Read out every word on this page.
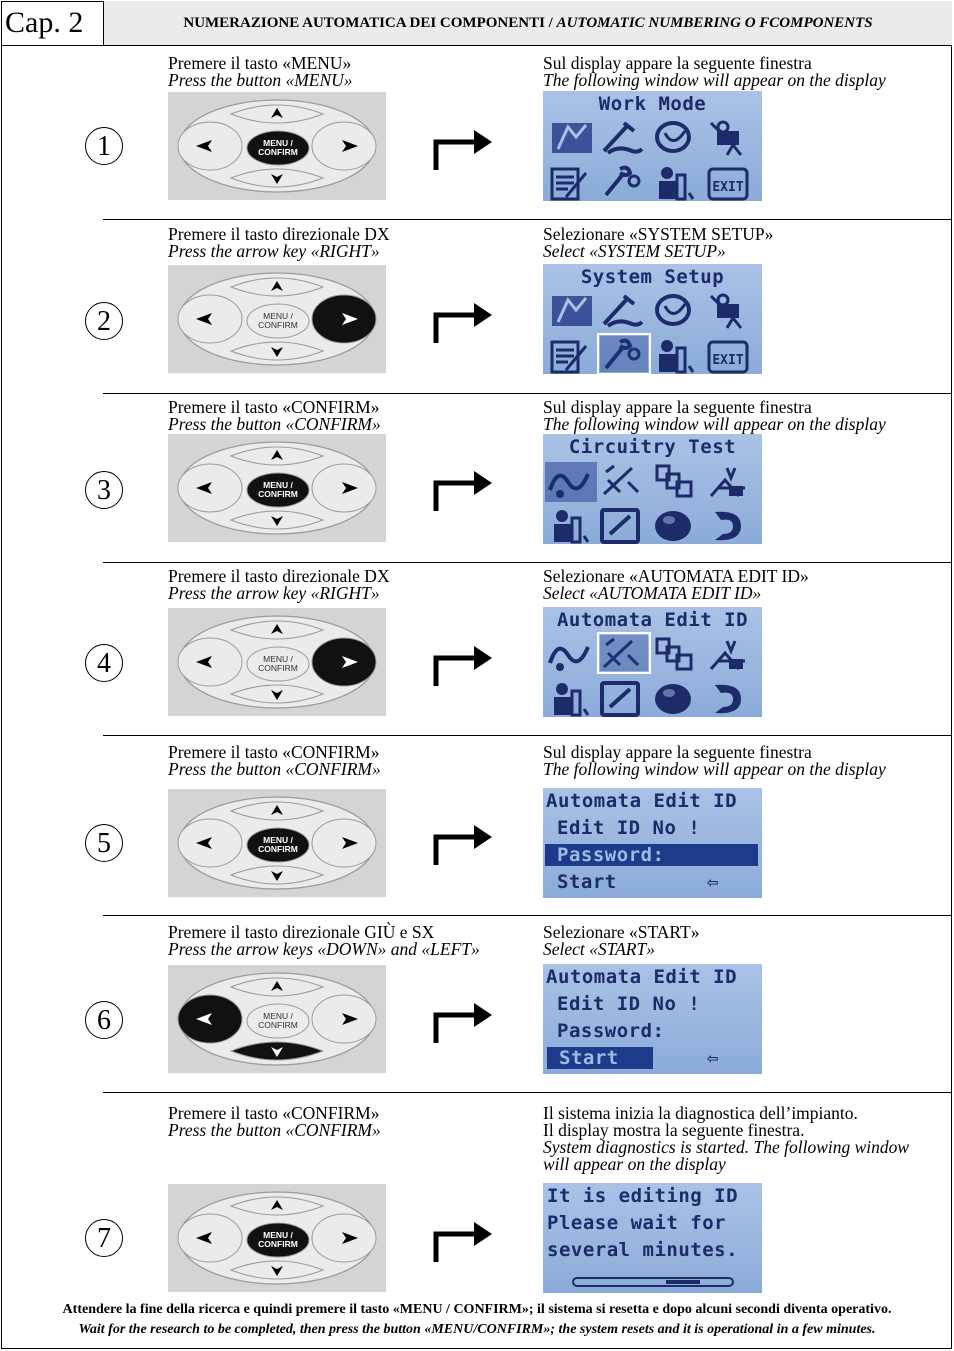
Cap. 2	NUMERAZIONE AUTOMATICA DEI COMPONENTI / AUTOMATIC NUMBERING O FCOMPONENTS
1
Premere il tasto «MENU»
Press the button «MENU»
Sul display appare la seguente finestra
The following window will appear on the display
MENU /
CONFIRM
EXIT
Work Mode
2
Premere il tasto direzionale DX
Press the arrow key «RIGHT»
Selezionare «SYSTEM SETUP»
Select «SYSTEM SETUP»
MENU /
CONFIRM
EXIT
System Setup
3
Premere il tasto «CONFIRM»
Press the button «CONFIRM»
Sul display appare la seguente finestra
The following window will appear on the display
MENU /
CONFIRM
Circuitry Test
4
Premere il tasto direzionale DX
Press the arrow key «RIGHT»
Selezionare «AUTOMATA EDIT ID»
Select «AUTOMATA EDIT ID»
MENU /
CONFIRM
Automata Edit ID
5
Premere il tasto «CONFIRM»
Press the button «CONFIRM»
Sul display appare la seguente finestra
The following window will appear on the display
MENU /
CONFIRM
Automata Edit ID
Edit ID No !
Password:
Start	⇦
6
Premere il tasto direzionale GIÙ e SX
Press the arrow keys «DOWN» and «LEFT»
Selezionare «START»
Select «START»
MENU /
CONFIRM
Automata Edit ID
Edit ID No !
Password:
Start	⇦
7
Premere il tasto «CONFIRM»
Press the button «CONFIRM»
Il sistema inizia la diagnostica dell’impianto.
Il display mostra la seguente finestra.
System diagnostics is started. The following window
will appear on the display
MENU /
CONFIRM
It is editing ID
Please wait for
several minutes.
Attendere la fine della ricerca e quindi premere il tasto «MENU / CONFIRM»; il sistema si resetta e dopo alcuni secondi diventa operativo.
Wait for the research to be completed, then press the button «MENU/CONFIRM»; the system resets and it is operational in a few minutes.
